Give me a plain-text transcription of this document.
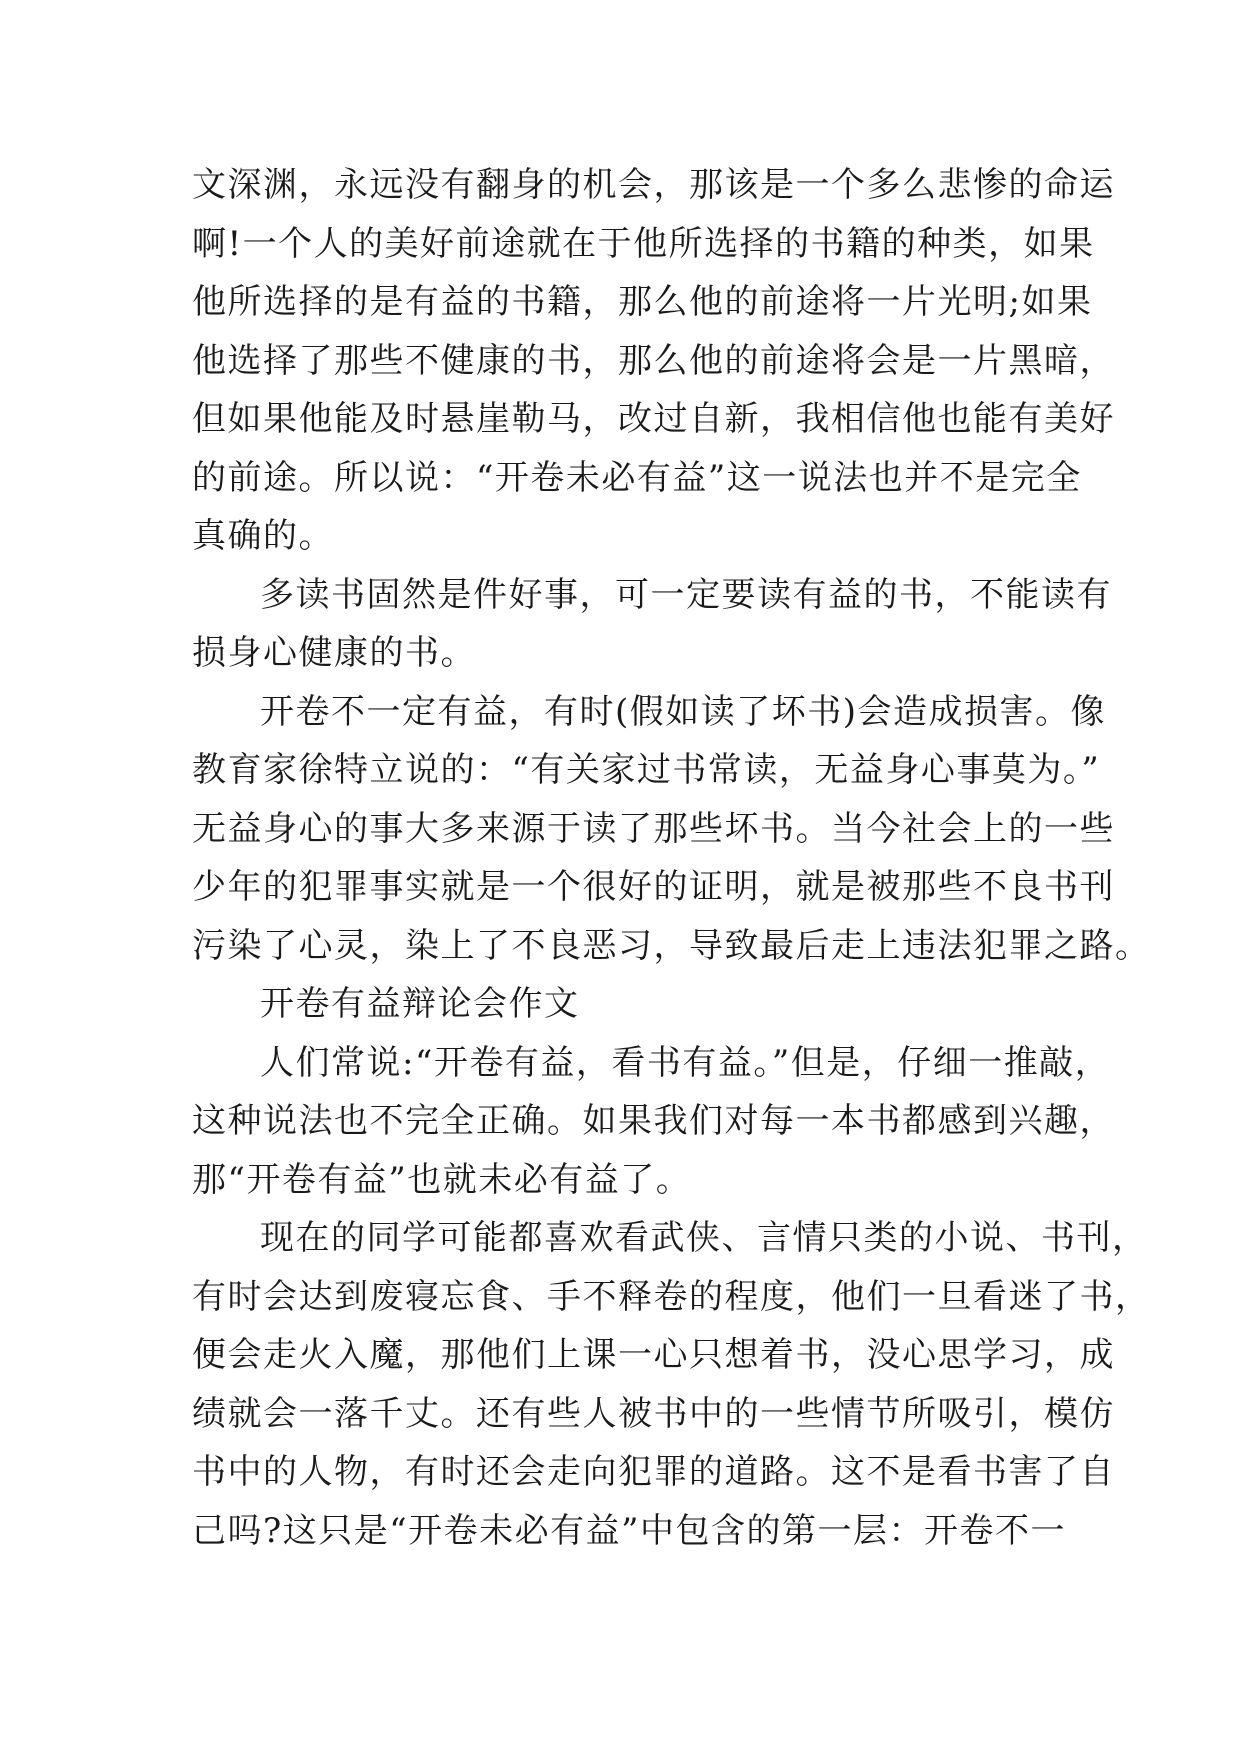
文深渊，永远没有翻身的机会，那该是一个多么悲惨的命运
啊!一个人的美好前途就在于他所选择的书籍的种类，如果
他所选择的是有益的书籍，那么他的前途将一片光明;如果
他选择了那些不健康的书，那么他的前途将会是一片黑暗，
但如果他能及时悬崖勒马，改过自新，我相信他也能有美好
的前途。所以说：“开卷未必有益”这一说法也并不是完全
真确的。
多读书固然是件好事，可一定要读有益的书，不能读有
损身心健康的书。
开卷不一定有益，有时(假如读了坏书)会造成损害。像
教育家徐特立说的：“有关家过书常读，无益身心事莫为。”
无益身心的事大多来源于读了那些坏书。当今社会上的一些
少年的犯罪事实就是一个很好的证明，就是被那些不良书刊
污染了心灵，染上了不良恶习，导致最后走上违法犯罪之路。
开卷有益辩论会作文
人们常说:“开卷有益，看书有益。”但是，仔细一推敲，
这种说法也不完全正确。如果我们对每一本书都感到兴趣，
那“开卷有益”也就未必有益了。
现在的同学可能都喜欢看武侠、言情只类的小说、书刊，
有时会达到废寝忘食、手不释卷的程度，他们一旦看迷了书，
便会走火入魔，那他们上课一心只想着书，没心思学习，成
绩就会一落千丈。还有些人被书中的一些情节所吸引，模仿
书中的人物，有时还会走向犯罪的道路。这不是看书害了自
己吗?这只是“开卷未必有益”中包含的第一层：开卷不一
